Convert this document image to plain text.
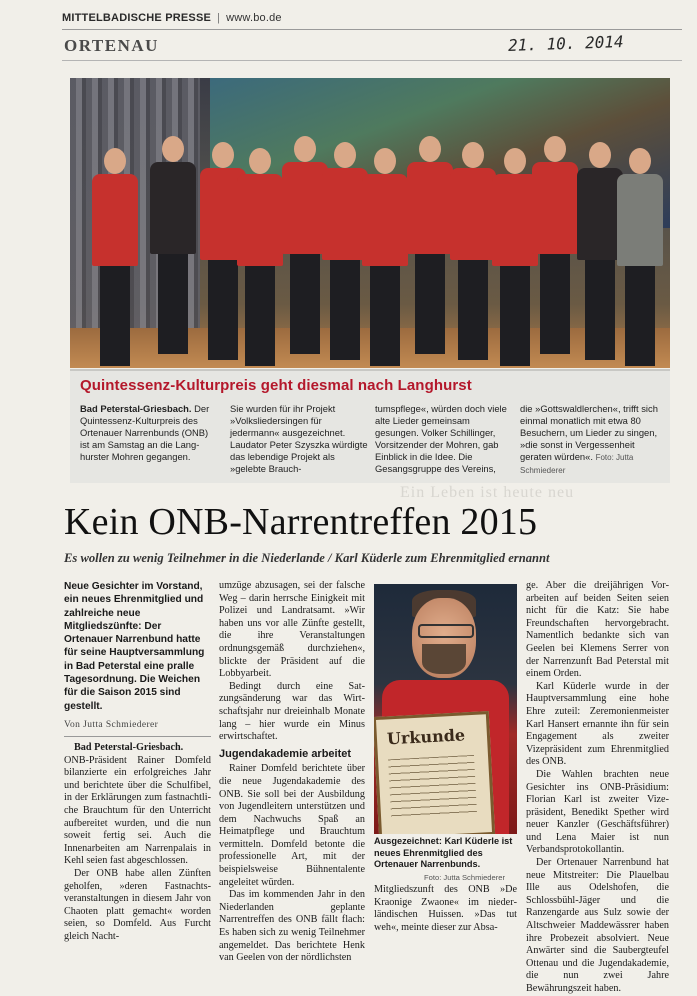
MITTELBADISCHE PRESSE | www.bo.de
ORTENAU	21. 10. 2014
Quintessenz-Kulturpreis geht diesmal nach Langhurst
Bad Peterstal-Griesbach. Der Quintessenz-Kulturpreis des Ortenauer Narrenbunds (ONB) ist am Samstag an die Langhurster Mohren gegangen.
Sie wurden für ihr Projekt »Volksliedersingen für jedermann« ausgezeichnet. Laudator Peter Szyszka würdigte das lebendige Projekt als »gelebte Brauch-
tumspflege«, würden doch viele alte Lieder gemeinsam gesungen. Volker Schillinger, Vorsitzender der Mohren, gab Einblick in die Idee. Die Gesangsgruppe des Vereins,
die »Gottswaldlerchen«, trifft sich einmal monatlich mit etwa 80 Besuchern, um Lieder zu singen, »die sonst in Vergessenheit geraten würden«. Foto: Jutta Schmiederer
Ein Leben ist heute neu
Kein ONB-Narrentreffen 2015
Es wollen zu wenig Teilnehmer in die Niederlande / Karl Küderle zum Ehrenmitglied ernannt
Neue Gesichter im Vorstand, ein neues Ehrenmitglied und zahlreiche neue Mitgliedszünfte: Der Ortenauer Narrenbund hatte für seine Hauptversammlung in Bad Peterstal eine pralle Tagesordnung. Die Weichen für die Saison 2015 sind gestellt.
Von Jutta Schmiederer

Bad Peterstal-Griesbach.

ONB-Präsident Rainer Domfeld bilanzierte ein erfolgreiches Jahr und berichtete über die Schulfibel, in der Erklärungen zum fastnachtliche Brauchtum für den Unterricht aufbereitet wurden, und die nun soweit fertig sei. Auch die Innenarbeiten am Narrenpalais in Kehl seien fast abgeschlossen.

Der ONB habe allen Zünften geholfen, »deren Fastnachtsveranstaltungen in diesem Jahr von Chaoten platt gemacht« worden seien, so Domfeld. Aus Furcht gleich Nacht-

umzüge abzusagen, sei der falsche Weg – darin herrsche Einigkeit mit Polizei und Landratsamt. »Wir haben uns vor alle Zünfte gestellt, die ihre Veranstaltungen ordnungsgemäß durchziehen«, blickte der Präsident auf die Lobbyarbeit.

Bedingt durch eine Satzungsänderung war das Wirtschaftsjahr nur dreieinhalb Monate lang – hier wurde ein Minus erwirtschaftet.

Jugendakademie arbeitet

Rainer Domfeld berichtete über die neue Jugendakademie des ONB. Sie soll bei der Ausbildung von Jugendleitern unterstützen und dem Nachwuchs Spaß an Heimatpflege und Brauchtum vermitteln. Domfeld betonte die professionelle Art, mit der beispielsweise Bühnentalente angeleitet würden.

Das im kommenden Jahr in den Niederlanden geplante Narrentreffen des ONB fällt flach: Es haben sich zu wenig Teilnehmer angemeldet. Das berichtete Henk van Geelen von der nördlichsten

Urkunde
Ausgezeichnet: Karl Küderle ist neues Ehrenmitglied des Ortenauer Narrenbunds.
Foto: Jutta Schmiederer

Mitgliedszunft des ONB »De Kraonige Zwaone« im niederländischen Huissen. »Das tut weh«, meinte dieser zur Absa-

ge. Aber die dreijährigen Vorarbeiten auf beiden Seiten seien nicht für die Katz: Sie habe Freundschaften hervorgebracht. Namentlich bedankte sich van Geelen bei Klemens Serrer von der Narrenzunft Bad Peterstal mit einem Orden.

Karl Küderle wurde in der Hauptversammlung eine hohe Ehre zuteil: Zeremonienmeister Karl Hansert ernannte ihn für sein Engagement als zweiter Vizepräsident zum Ehrenmitglied des ONB.

Die Wahlen brachten neue Gesichter ins ONB-Präsidium: Florian Karl ist zweiter Vizepräsident, Benedikt Spether wird neuer Kanzler (Geschäftsführer) und Lena Maier ist nun Verbandsprotokollantin.

Der Ortenauer Narrenbund hat neue Mitstreiter: Die Plauelbau Ille aus Odelshofen, die Schlossbühl-Jäger und die Ranzengarde aus Sulz sowie der Altschweier Maddewässrer haben ihre Probezeit absolviert. Neue Anwärter sind die Saubergteufel Ottenau und die Jugendakademie, die nun zwei Jahre Bewährungszeit haben.
